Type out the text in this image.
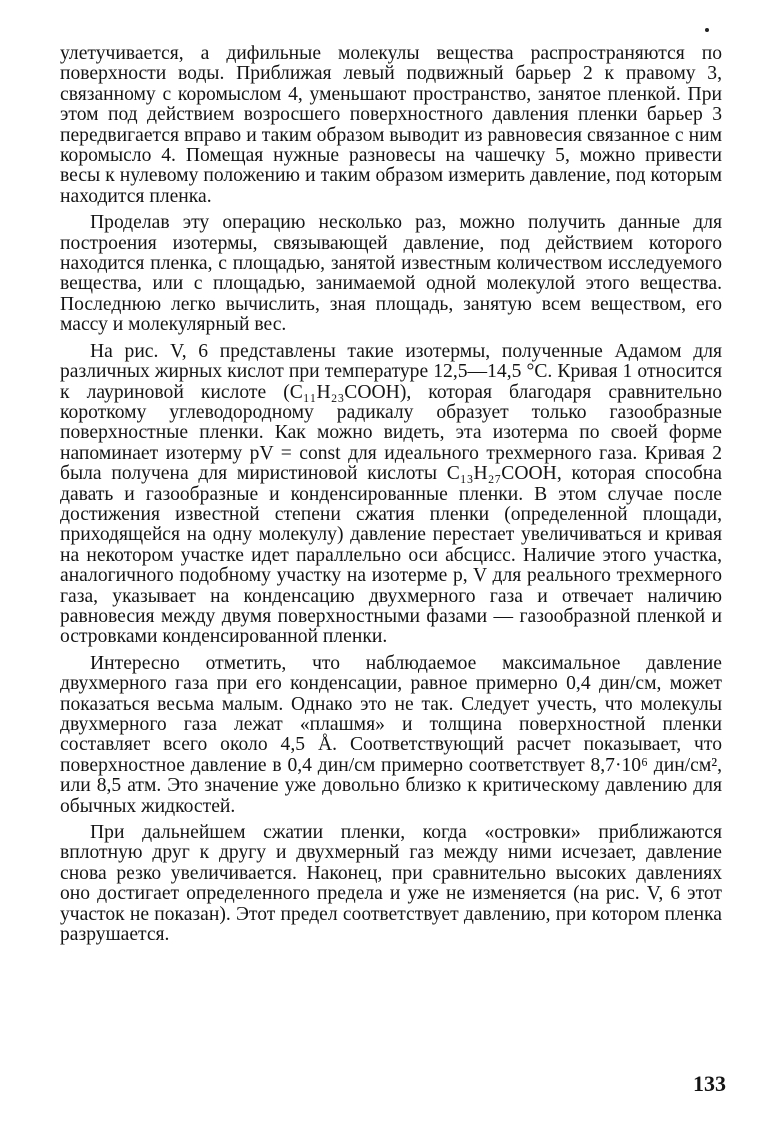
улетучивается, а дифильные молекулы вещества распространяются по поверхности воды. Приближая левый подвижный барьер 2 к правому 3, связанному с коромыслом 4, уменьшают пространство, занятое пленкой. При этом под действием возросшего поверхностного давления пленки барьер 3 передвигается вправо и таким образом выводит из равновесия связанное с ним коромысло 4. Помещая нужные разновесы на чашечку 5, можно привести весы к нулевому положению и таким образом измерить давление, под которым находится пленка.

Проделав эту операцию несколько раз, можно получить данные для построения изотермы, связывающей давление, под действием которого находится пленка, с площадью, занятой известным количеством исследуемого вещества, или с площадью, занимаемой одной молекулой этого вещества. Последнюю легко вычислить, зная площадь, занятую всем веществом, его массу и молекулярный вес.

На рис. V, 6 представлены такие изотермы, полученные Адамом для различных жирных кислот при температуре 12,5—14,5 °C. Кривая 1 относится к лауриновой кислоте (C₁₁H₂₃COOH), которая благодаря сравнительно короткому углеводородному радикалу образует только газообразные поверхностные пленки. Как можно видеть, эта изотерма по своей форме напоминает изотерму pV = const для идеального трехмерного газа. Кривая 2 была получена для миристиновой кислоты C₁₃H₂₇COOH, которая способна давать и газообразные и конденсированные пленки. В этом случае после достижения известной степени сжатия пленки (определенной площади, приходящейся на одну молекулу) давление перестает увеличиваться и кривая на некотором участке идет параллельно оси абсцисс. Наличие этого участка, аналогичного подобному участку на изотерме p, V для реального трехмерного газа, указывает на конденсацию двухмерного газа и отвечает наличию равновесия между двумя поверхностными фазами — газообразной пленкой и островками конденсированной пленки.

Интересно отметить, что наблюдаемое максимальное давление двухмерного газа при его конденсации, равное примерно 0,4 дин/см, может показаться весьма малым. Однако это не так. Следует учесть, что молекулы двухмерного газа лежат «плашмя» и толщина поверхностной пленки составляет всего около 4,5 Å. Соответствующий расчет показывает, что поверхностное давление в 0,4 дин/см примерно соответствует 8,7·10⁶ дин/см², или 8,5 атм. Это значение уже довольно близко к критическому давлению для обычных жидкостей.

При дальнейшем сжатии пленки, когда «островки» приближаются вплотную друг к другу и двухмерный газ между ними исчезает, давление снова резко увеличивается. Наконец, при сравнительно высоких давлениях оно достигает определенного предела и уже не изменяется (на рис. V, 6 этот участок не показан). Этот предел соответствует давлению, при котором пленка разрушается.

133
